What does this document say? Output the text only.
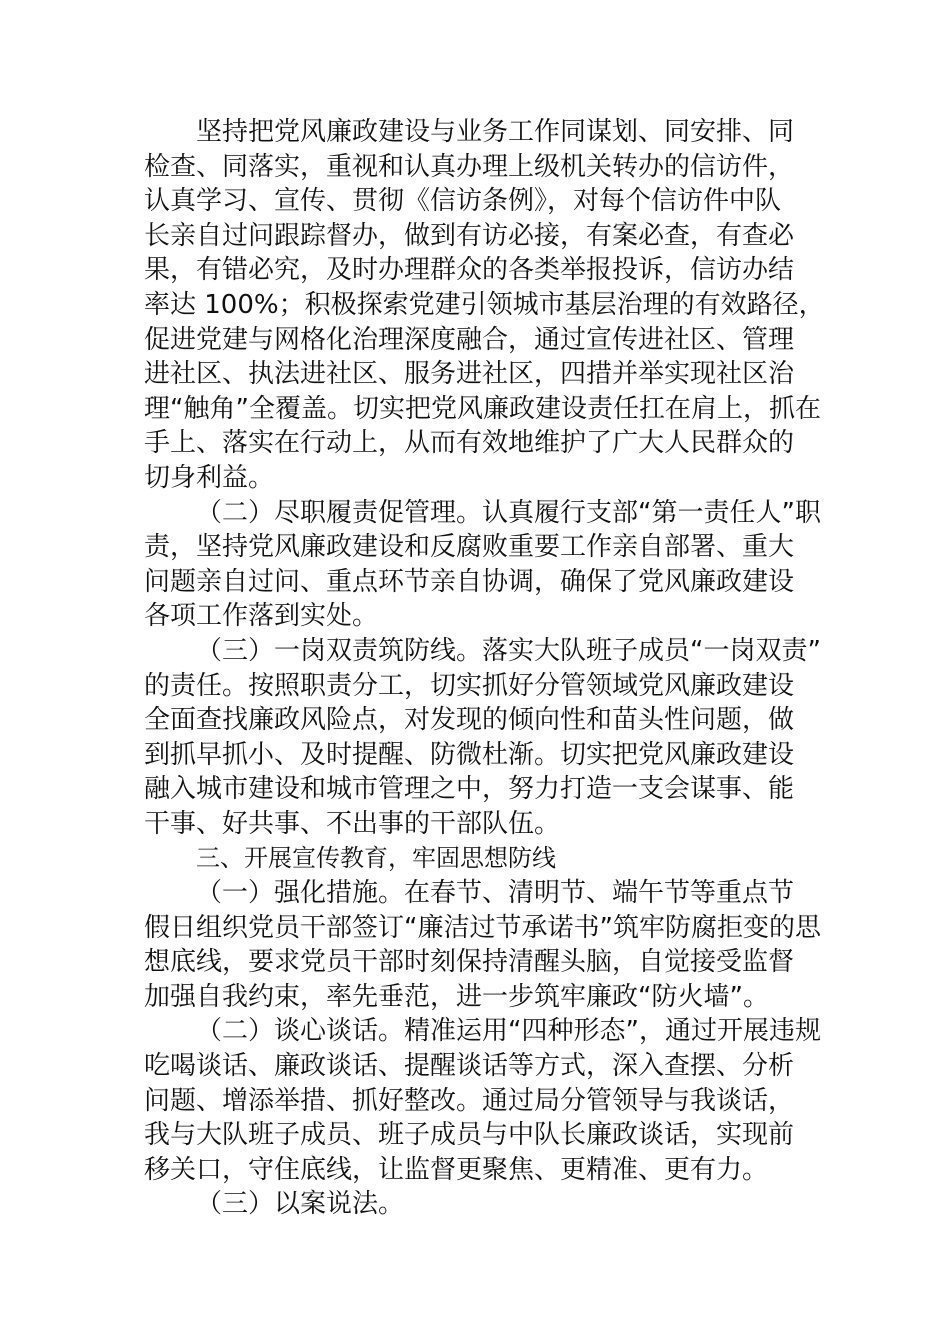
坚持把党风廉政建设与业务工作同谋划、同安排、同
检查、同落实，重视和认真办理上级机关转办的信访件，
认真学习、宣传、贯彻《信访条例》，对每个信访件中队
长亲自过问跟踪督办，做到有访必接，有案必查，有查必
果，有错必究，及时办理群众的各类举报投诉，信访办结
率达 100%；积极探索党建引领城市基层治理的有效路径，
促进党建与网格化治理深度融合，通过宣传进社区、管理
进社区、执法进社区、服务进社区，四措并举实现社区治
理“触角”全覆盖。切实把党风廉政建设责任扛在肩上，抓在
手上、落实在行动上，从而有效地维护了广大人民群众的
切身利益。
（二）尽职履责促管理。认真履行支部“第一责任人”职
责，坚持党风廉政建设和反腐败重要工作亲自部署、重大
问题亲自过问、重点环节亲自协调，确保了党风廉政建设
各项工作落到实处。
（三）一岗双责筑防线。落实大队班子成员“一岗双责”
的责任。按照职责分工，切实抓好分管领域党风廉政建设
全面查找廉政风险点，对发现的倾向性和苗头性问题，做
到抓早抓小、及时提醒、防微杜渐。切实把党风廉政建设
融入城市建设和城市管理之中，努力打造一支会谋事、能
干事、好共事、不出事的干部队伍。
三、开展宣传教育，牢固思想防线
（一）强化措施。在春节、清明节、端午节等重点节
假日组织党员干部签订“廉洁过节承诺书”筑牢防腐拒变的思
想底线，要求党员干部时刻保持清醒头脑，自觉接受监督
加强自我约束，率先垂范，进一步筑牢廉政“防火墙”。
（二）谈心谈话。精准运用“四种形态”，通过开展违规
吃喝谈话、廉政谈话、提醒谈话等方式，深入查摆、分析
问题、增添举措、抓好整改。通过局分管领导与我谈话，
我与大队班子成员、班子成员与中队长廉政谈话，实现前
移关口，守住底线，让监督更聚焦、更精准、更有力。
（三）以案说法。
